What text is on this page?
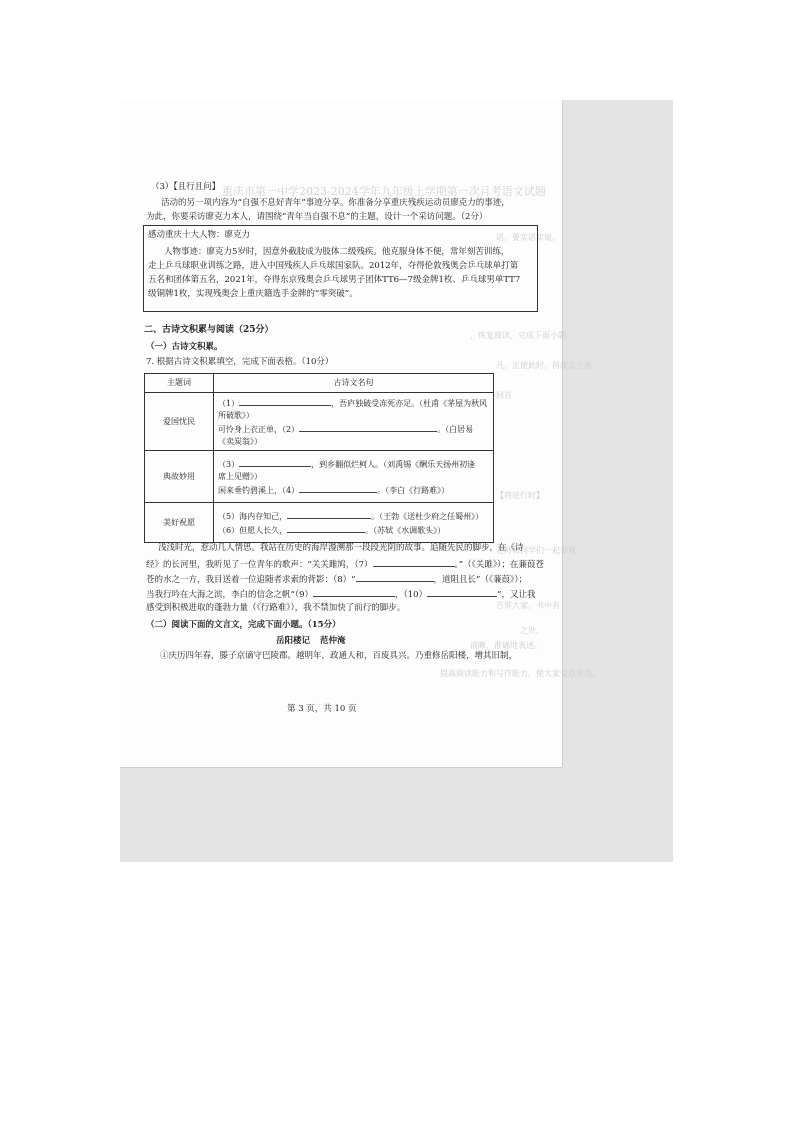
重庆市第一中学2023-2024学年九年级上学期第一次月考语文试题
话，要实话实说。
，恢复阅读，完成下面小题。
凡，正使此时，何故去兰香
回首
【将进行时】
老师和同学们一起参观
告诉大家，书中有
之处，
清晰，准确地表述。
提高阅读能力和写作能力，使大家受益匪浅。
（3）【且行且问】
活动的另一项内容为“自强不息好青年”事迹分享。你准备分享重庆残疾运动员廖克力的事迹，
为此，你要采访廖克力本人，请围绕“青年当自强不息”的主题，设计一个采访问题。（2分）
感动重庆十大人物：廖克力
人物事迹：廖克力5岁时，因意外截肢成为肢体二级残疾。他克服身体不便，常年刻苦训练，
走上乒乓球职业训练之路，进入中国残疾人乒乓球国家队。2012年，夺得伦敦残奥会乒乓球单打第
五名和团体第五名，2021年，夺得东京残奥会乒乓球男子团体TT6—7级金牌1枚、乒乓球男单TT7
级铜牌1枚，实现残奥会上重庆籍选手金牌的“零突破”。
二、古诗文积累与阅读（25分）
（一）古诗文积累。
7. 根据古诗文积累填空，完成下面表格。（10分）
主题词	古诗文名句
爱国忧民	（1） ，吾庐独破受冻死亦足。（杜甫《茅屋为秋风
所破歌》）
可怜身上衣正单，（2） 。（白居易《卖炭翁》）

典故妙用	（3） ，到乡翻似烂柯人。（刘禹锡《酬乐天扬州初逢
席上见赠》）
闲来垂钓碧溪上，（4） 。（李白《行路难》）

美好祝愿	（5）海内存知己， 。（王勃《送杜少府之任蜀州》）
（6）但愿人长久， 。（苏轼《水调歌头》）
浅浅时光，惹动几人情思。我站在历史的海岸漫溯那一段段光阴的故事。追随先民的脚步，在《诗
经》的长河里，我听见了一位青年的歌声：“关关雎鸠，（7）	。”（《关雎》）；在蒹葭苍
苍的水之一方，我目送着一位追随者求索的背影：（8）“	，道阻且长”（《蒹葭》）；
当我行吟在大海之滨，李白的信念之帆“（9）	，（10）	”，又让我
感受到积极进取的蓬勃力量（《行路难》），我不禁加快了前行的脚步。
（二）阅读下面的文言文，完成下面小题。（15分）
岳阳楼记 范仲淹
①庆历四年春，滕子京谪守巴陵郡。越明年，政通人和，百废具兴。乃重修岳阳楼，增其旧制，
第 3 页，共 10 页
